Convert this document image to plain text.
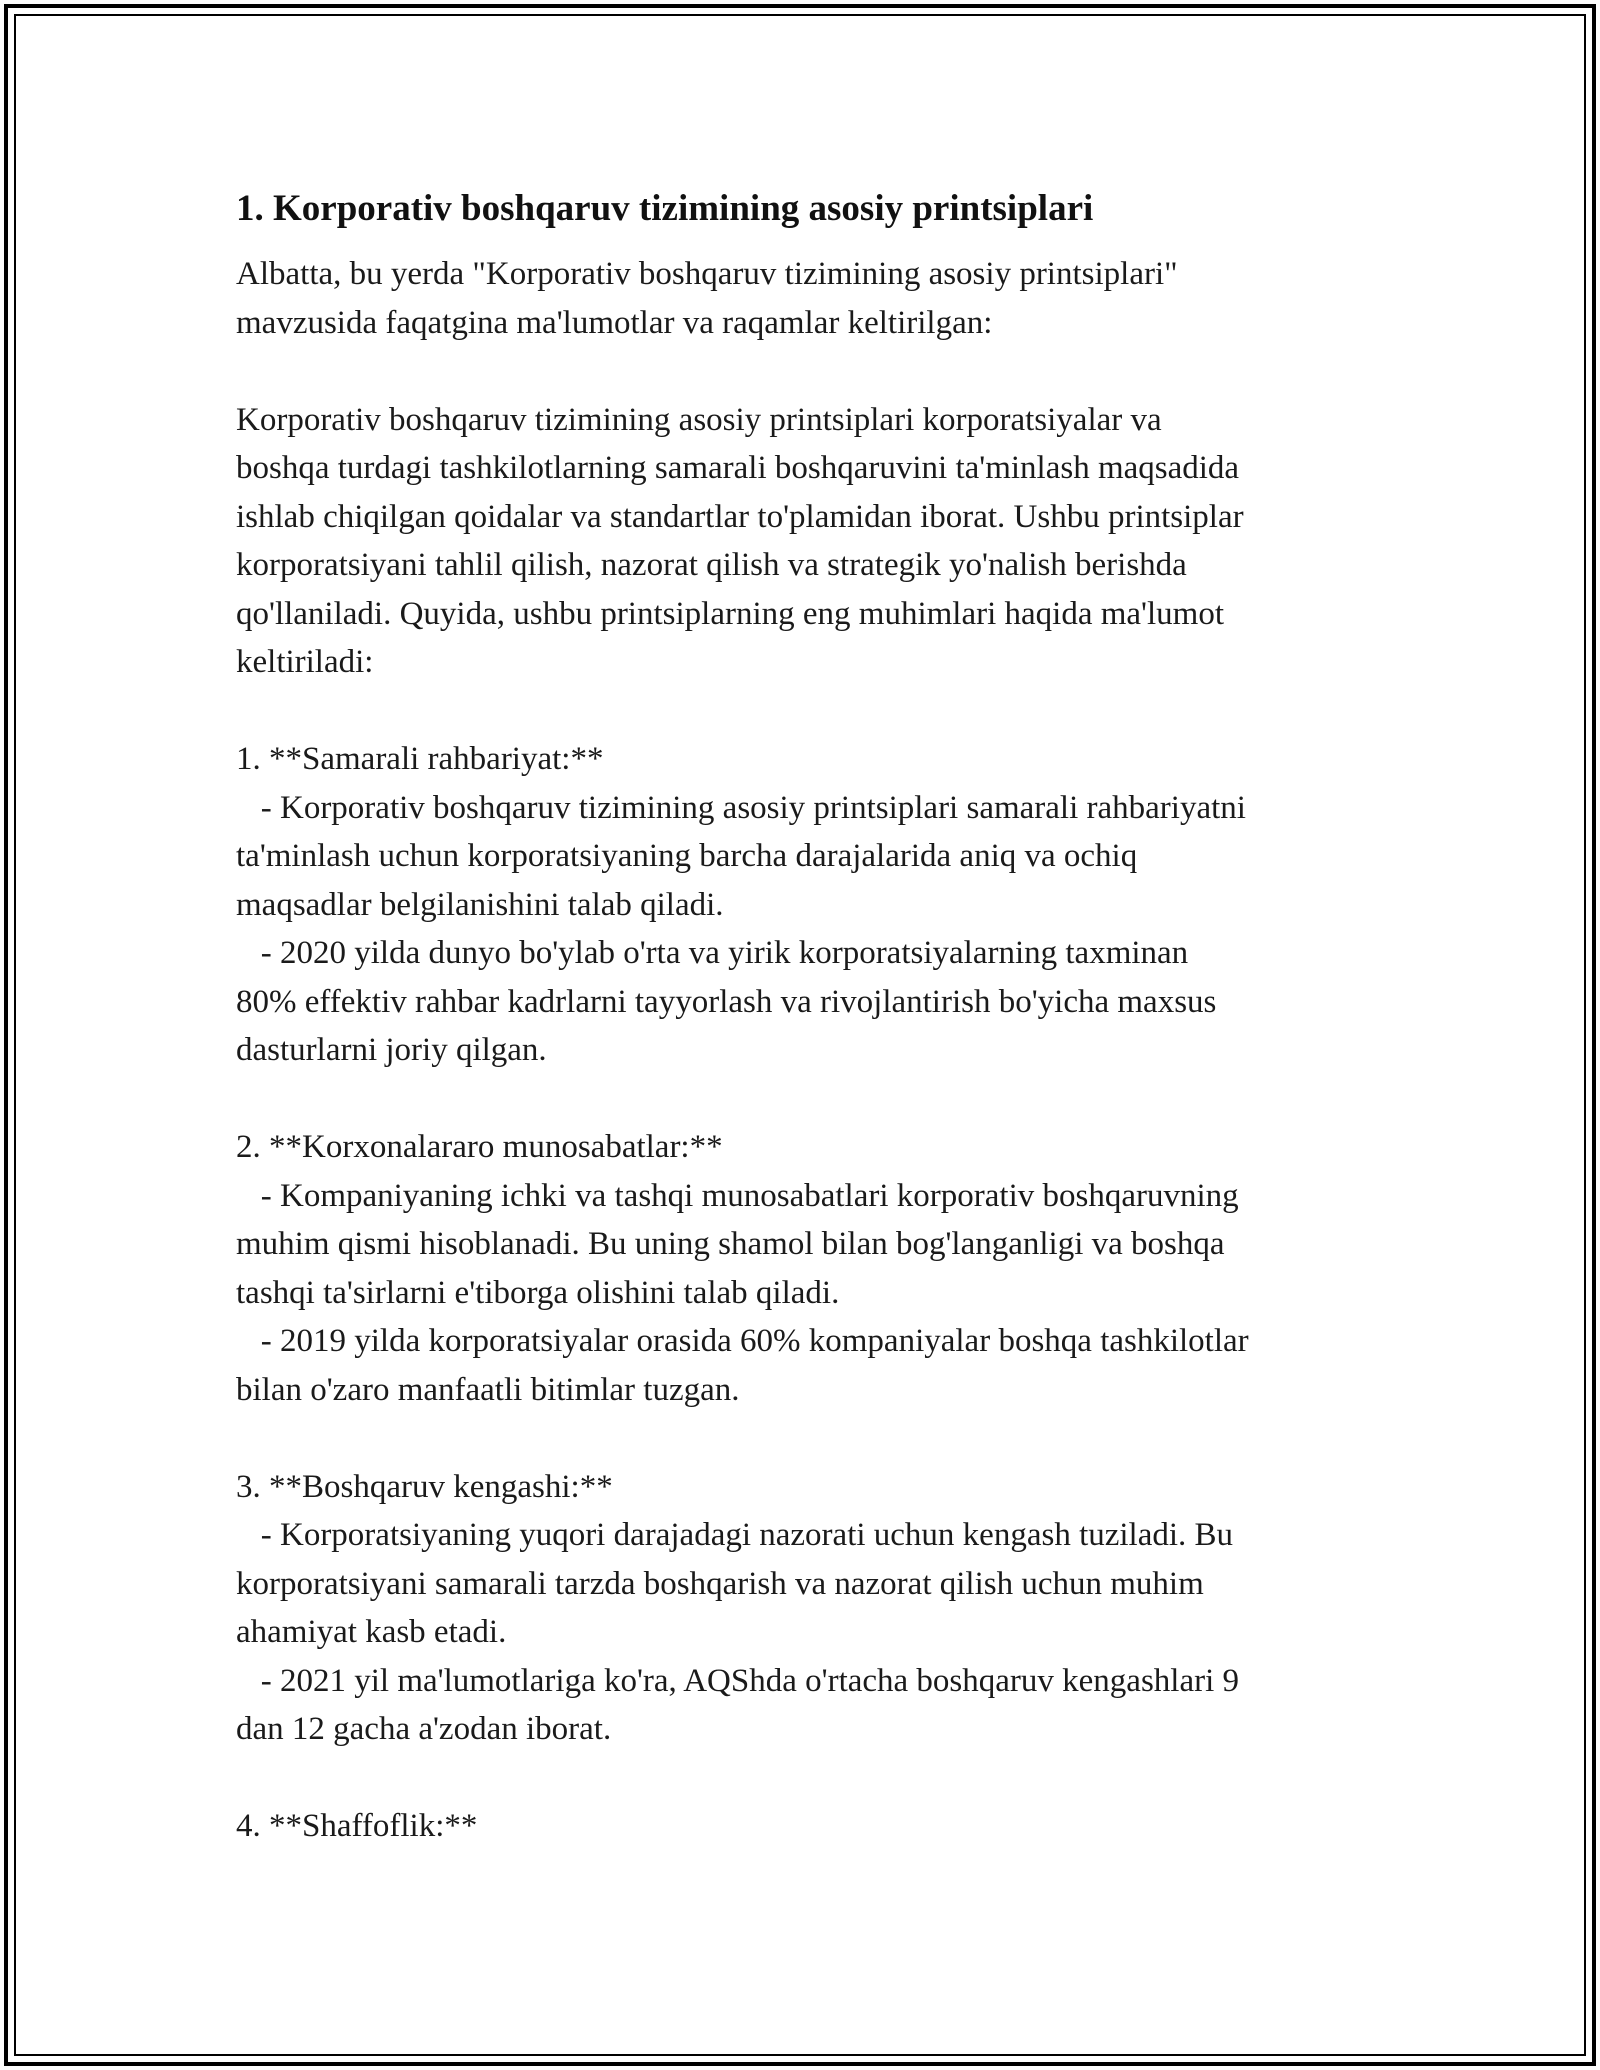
1. Korporativ boshqaruv tizimining asosiy printsiplari

Albatta, bu yerda "Korporativ boshqaruv tizimining asosiy printsiplari"
mavzusida faqatgina ma'lumotlar va raqamlar keltirilgan:

Korporativ boshqaruv tizimining asosiy printsiplari korporatsiyalar va
boshqa turdagi tashkilotlarning samarali boshqaruvini ta'minlash maqsadida
ishlab chiqilgan qoidalar va standartlar to'plamidan iborat. Ushbu printsiplar
korporatsiyani tahlil qilish, nazorat qilish va strategik yo'nalish berishda
qo'llaniladi. Quyida, ushbu printsiplarning eng muhimlari haqida ma'lumot
keltiriladi:

1. **Samarali rahbariyat:**

- Korporativ boshqaruv tizimining asosiy printsiplari samarali rahbariyatni
ta'minlash uchun korporatsiyaning barcha darajalarida aniq va ochiq
maqsadlar belgilanishini talab qiladi.
- 2020 yilda dunyo bo'ylab o'rta va yirik korporatsiyalarning taxminan
80% effektiv rahbar kadrlarni tayyorlash va rivojlantirish bo'yicha maxsus
dasturlarni joriy qilgan.

2. **Korxonalararo munosabatlar:**

- Kompaniyaning ichki va tashqi munosabatlari korporativ boshqaruvning
muhim qismi hisoblanadi. Bu uning shamol bilan bog'langanligi va boshqa
tashqi ta'sirlarni e'tiborga olishini talab qiladi.
- 2019 yilda korporatsiyalar orasida 60% kompaniyalar boshqa tashkilotlar
bilan o'zaro manfaatli bitimlar tuzgan.

3. **Boshqaruv kengashi:**

- Korporatsiyaning yuqori darajadagi nazorati uchun kengash tuziladi. Bu
korporatsiyani samarali tarzda boshqarish va nazorat qilish uchun muhim
ahamiyat kasb etadi.
- 2021 yil ma'lumotlariga ko'ra, AQShda o'rtacha boshqaruv kengashlari 9
dan 12 gacha a'zodan iborat.

4. **Shaffoflik:**
